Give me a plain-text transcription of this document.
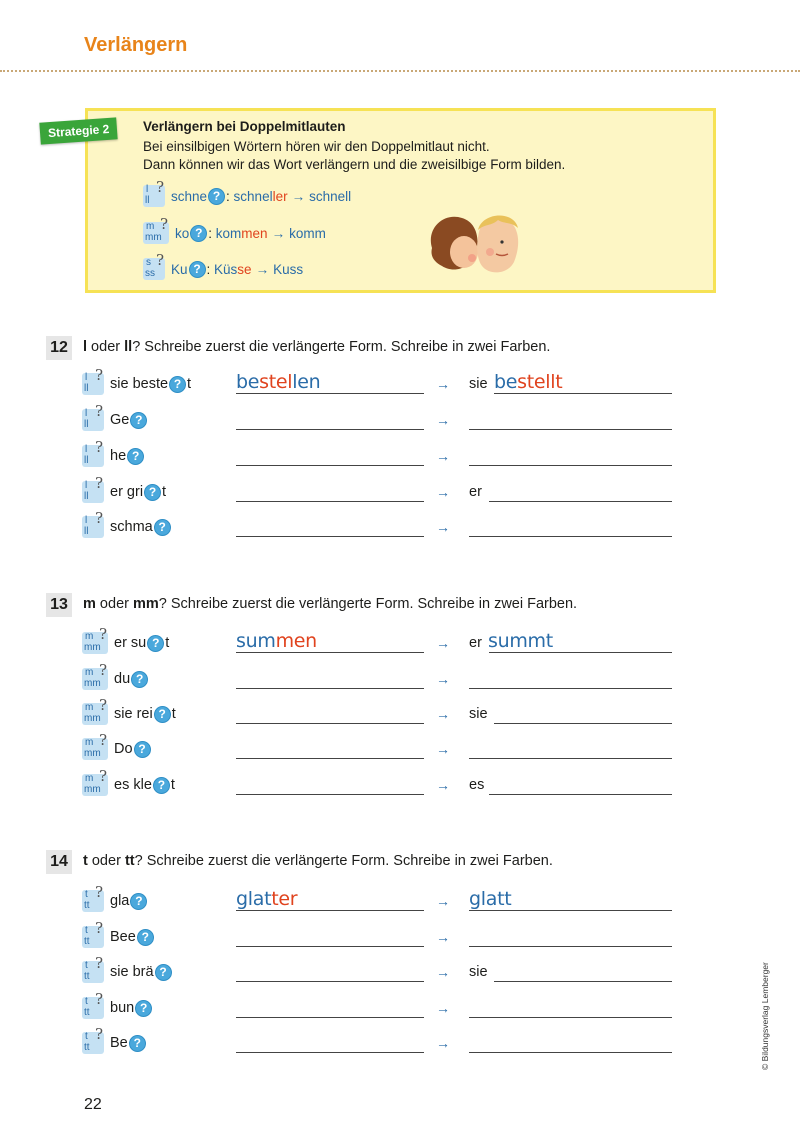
Verlängern
Strategie 2	Verlängern bei Doppelmitlauten
Bei einsilbigen Wörtern hören wir den Doppelmitlaut nicht.
Dann können wir das Wort verlängern und die zweisilbige Form bilden.
l
ll
? schne ? : schnel ler → schnell
m
mm
? ko ? : kom men → komm
s
ss
? Ku ? : Küs se → Kuss
12 l oder ll? Schreibe zuerst die verlängerte Form. Schreibe in zwei Farben.
l
ll
? sie beste ? t bestellen	→ sie bestellt
l
ll
? Ge ?	→
l
ll
? he ?	→
l
ll
? er gri ? t	→ er
l
ll
? schma ?	→
13 m oder mm? Schreibe zuerst die verlängerte Form. Schreibe in zwei Farben.
m
mm
? er su ? t	summen	→ er summt
m
mm
? du ?	→
m
mm
? sie rei ? t	→ sie
m
mm
? Do ?	→
m
mm
? es kle ? t	→ es
14 t oder tt? Schreibe zuerst die verlängerte Form. Schreibe in zwei Farben.
t
tt
? gla ?	glatter	→ glatt
t
tt
? Bee ?	→
t
tt
? sie brä ?	→ sie
t
tt
? bun ?	→
t
tt
? Be ?	→	© Bildungsverlag Lemberger
22
